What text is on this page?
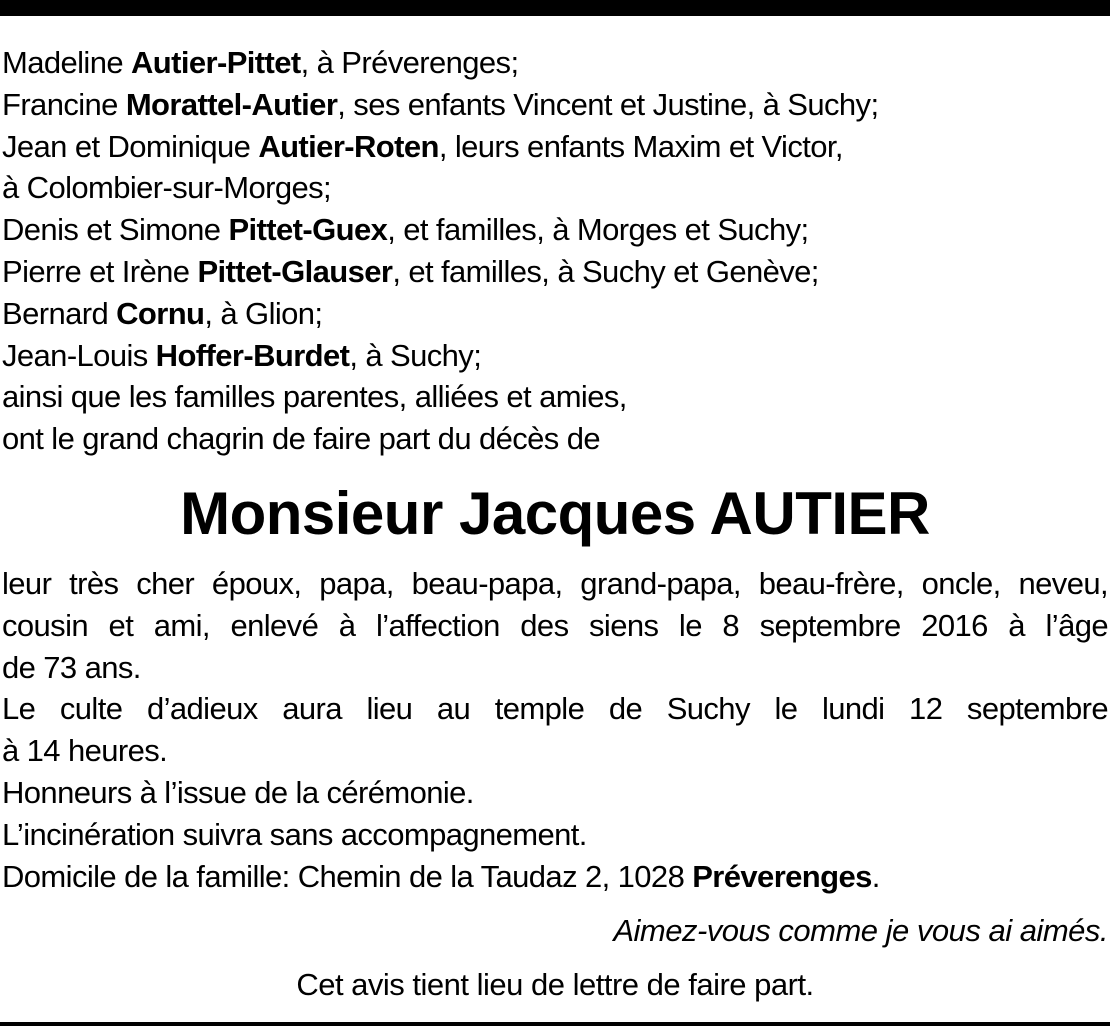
Madeline Autier-Pittet, à Préverenges;
Francine Morattel-Autier, ses enfants Vincent et Justine, à Suchy;
Jean et Dominique Autier-Roten, leurs enfants Maxim et Victor,
à Colombier-sur-Morges;
Denis et Simone Pittet-Guex, et familles, à Morges et Suchy;
Pierre et Irène Pittet-Glauser, et familles, à Suchy et Genève;
Bernard Cornu, à Glion;
Jean-Louis Hoffer-Burdet, à Suchy;
ainsi que les familles parentes, alliées et amies,
ont le grand chagrin de faire part du décès de
Monsieur Jacques AUTIER
leur très cher époux, papa, beau-papa, grand-papa, beau-frère, oncle, neveu,
cousin et ami, enlevé à l’affection des siens le 8 septembre 2016 à l’âge
de 73 ans.
Le culte d’adieux aura lieu au temple de Suchy le lundi 12 septembre
à 14 heures.
Honneurs à l’issue de la cérémonie.
L’incinération suivra sans accompagnement.
Domicile de la famille: Chemin de la Taudaz 2, 1028 Préverenges.
Aimez-vous comme je vous ai aimés.
Cet avis tient lieu de lettre de faire part.
